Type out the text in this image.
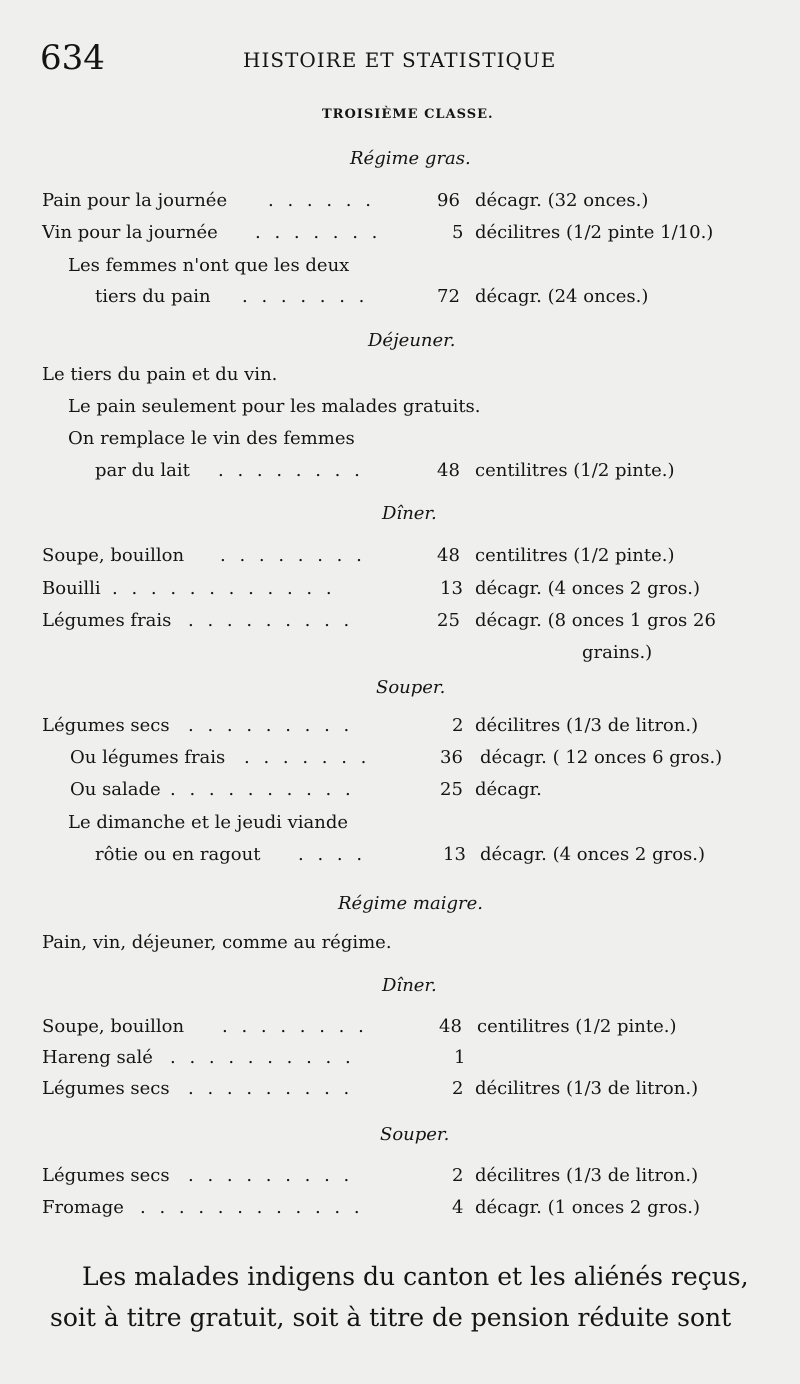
634	HISTOIRE ET STATISTIQUE
TROISIÈME CLASSE.
Régime gras.
Pain pour la journée . . . . . .	96 décagr. (32 onces.)
Vin pour la journée . . . . . . .	5 décilitres (1/2 pinte 1/10.)
Les femmes n'ont que les deux
tiers du pain . . . . . . .	72 décagr. (24 onces.)
Déjeuner.
Le tiers du pain et du vin.
Le pain seulement pour les malades gratuits.
On remplace le vin des femmes
par du lait . . . . . . . .	48 centilitres (1/2 pinte.)
Dîner.
Soupe, bouillon . . . . . . . .	48 centilitres (1/2 pinte.)
Bouilli . . . . . . . . . . . .	13 décagr. (4 onces 2 gros.)
Légumes frais . . . . . . . . .	25 décagr. (8 onces 1 gros 26
grains.)
Souper.
Légumes secs . . . . . . . . .	2 décilitres (1/3 de litron.)
Ou légumes frais . . . . . . .	36 décagr. ( 12 onces 6 gros.)
Ou salade . . . . . . . . . .	25 décagr.
Le dimanche et le jeudi viande
rôtie ou en ragout . . . .	13 décagr. (4 onces 2 gros.)
Régime maigre.
Pain, vin, déjeuner, comme au régime.
Dîner.
Soupe, bouillon . . . . . . . .	48 centilitres (1/2 pinte.)
Hareng salé . . . . . . . . . .	1
Légumes secs . . . . . . . . .	2 décilitres (1/3 de litron.)
Souper.
Légumes secs . . . . . . . . .	2 décilitres (1/3 de litron.)
Fromage . . . . . . . . . . . .	4 décagr. (1 onces 2 gros.)
Les malades indigens du canton et les aliénés reçus,
soit à titre gratuit, soit à titre de pension réduite sont
